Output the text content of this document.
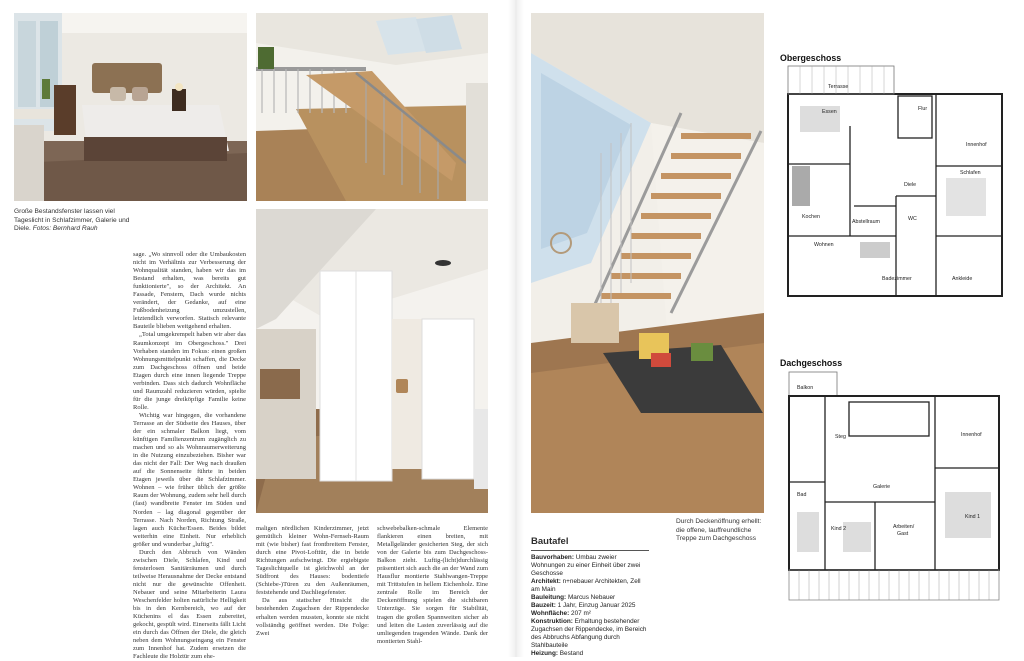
Große Bestandsfenster lassen viel Tageslicht in Schlafzimmer, Galerie und Diele. Fotos: Bernhard Rauh

sage. „Wo sinnvoll oder die Umbaukosten nicht im Verhältnis zur Verbesserung der Wohnqualität standen, haben wir das im Bestand erhalten, was bereits gut funktionierte", so der Architekt. An Fassade, Fenstern, Dach wurde nichts verändert, der Gedanke, auf eine Fußbodenheizung umzustellen, letztendlich verworfen. Statisch relevante Bauteile blieben weitgehend erhalten.

„Total umgekrempelt haben wir aber das Raumkonzept im Obergeschoss." Drei Vorhaben standen im Fokus: einen großen Wohnungsmittelpunkt schaffen, die Decke zum Dachgeschoss öffnen und beide Etagen durch eine innen liegende Treppe verbinden. Dass sich dadurch Wohnfläche und Raumzahl reduzieren würden, spielte für die junge dreiköpfige Familie keine Rolle.

Wichtig war hingegen, die vorhandene Terrasse an der Südseite des Hauses, über der ein schmaler Balkon liegt, vom künftigen Familienzentrum zugänglich zu machen und so als Wohnraumerweiterung in die Nutzung einzubeziehen. Bisher war das nicht der Fall: Der Weg nach draußen auf die Sonnenseite führte in beiden Etagen jeweils über die Schlafzimmer. Wohnen – wie früher üblich der größte Raum der Wohnung, zudem sehr hell durch (fast) wandbreite Fenster im Süden und Norden – lag diagonal gegenüber der Terrasse. Nach Norden, Richtung Straße, lagen auch Küche/Essen. Beides bildet weiterhin eine Einheit. Nur erheblich größer und wunderbar „luftig".

Durch den Abbruch von Wänden zwischen Diele, Schlafen, Kind und fensterlosen Sanitärräumen und durch teilweise Herausnahme der Decke entstand nicht nur die gewünschte Offenheit. Nebauer und seine Mitarbeiterin Laura Weschenfelder holten natürliche Helligkeit bis in den Kernbereich, wo auf der Küchenins el das Essen zubereitet, gekocht, gespült wird. Einerseits fällt Licht ein durch das Öffnen der Diele, die gleich neben dem Wohnungseingang ein Fenster zum Innenhof hat. Zudem ersetzen die Fachleute die Holztür zum ehe-

maligen nördlichen Kinderzimmer, jetzt gemütlich kleiner Wohn-Fernseh-Raum mit (wie bisher) fast frontbreitem Fenster, durch eine Pivot-Lofttür, die in beide Richtungen aufschwingt. Die ergiebigste Tageslichtquelle ist gleichwohl an der Südfront des Hauses: bodentiefe (Schiebe-)Türen zu den Außenräumen, feststehende und Dachliegefenster.

Da aus statischer Hinsicht die bestehenden Zugachsen der Rippendecke erhalten werden mussten, konnte sie nicht vollständig geöffnet werden. Die Folge: Zwei

schwebebalken-schmale Elemente flankieren einen breiten, mit Metallgeländer gesicherten Steg, der sich von der Galerie bis zum Dachgeschoss-Balkon zieht. Luftig-(licht)durchlässig präsentiert sich auch die an der Wand zum Hausflur montierte Stahlwangen-Treppe mit Trittstufen in hellem Eichenholz. Eine zentrale Rolle im Bereich der Deckenöffnung spielen die sichtbaren Unterzüge. Sie sorgen für Stabilität, tragen die großen Spannweiten sicher ab und leiten die Lasten zuverlässig auf die umliegenden tragenden Wände. Dank der montierten Stahl-

Durch Deckenöffnung erhellt: die offene, lauffreundliche Treppe zum Dachgeschoss
Bautafel
Bauvorhaben: Umbau zweier Wohnungen zu einer Einheit über zwei Geschosse
Architekt: n+nebauer Architekten, Zell am Main
Bauleitung: Marcus Nebauer
Bauzeit: 1 Jahr, Einzug Januar 2025
Wohnfläche: 207 m²
Konstruktion: Erhaltung bestehender Zugachsen der Rippendecke, im Bereich des Abbruchs Abfangung durch Stahlbauteile
Heizung: Bestand
Obergeschoss
Terrasse
Essen	Flur
Innenhof
Diele
Schlafen
Kochen
Abstellraum	WC
Wohnen
Badezimmer	Ankleide
Dachgeschoss
Balkon
Steg	Innenhof
Bad
Galerie
Kind 2	Arbeiten/
Gast
Kind 1
